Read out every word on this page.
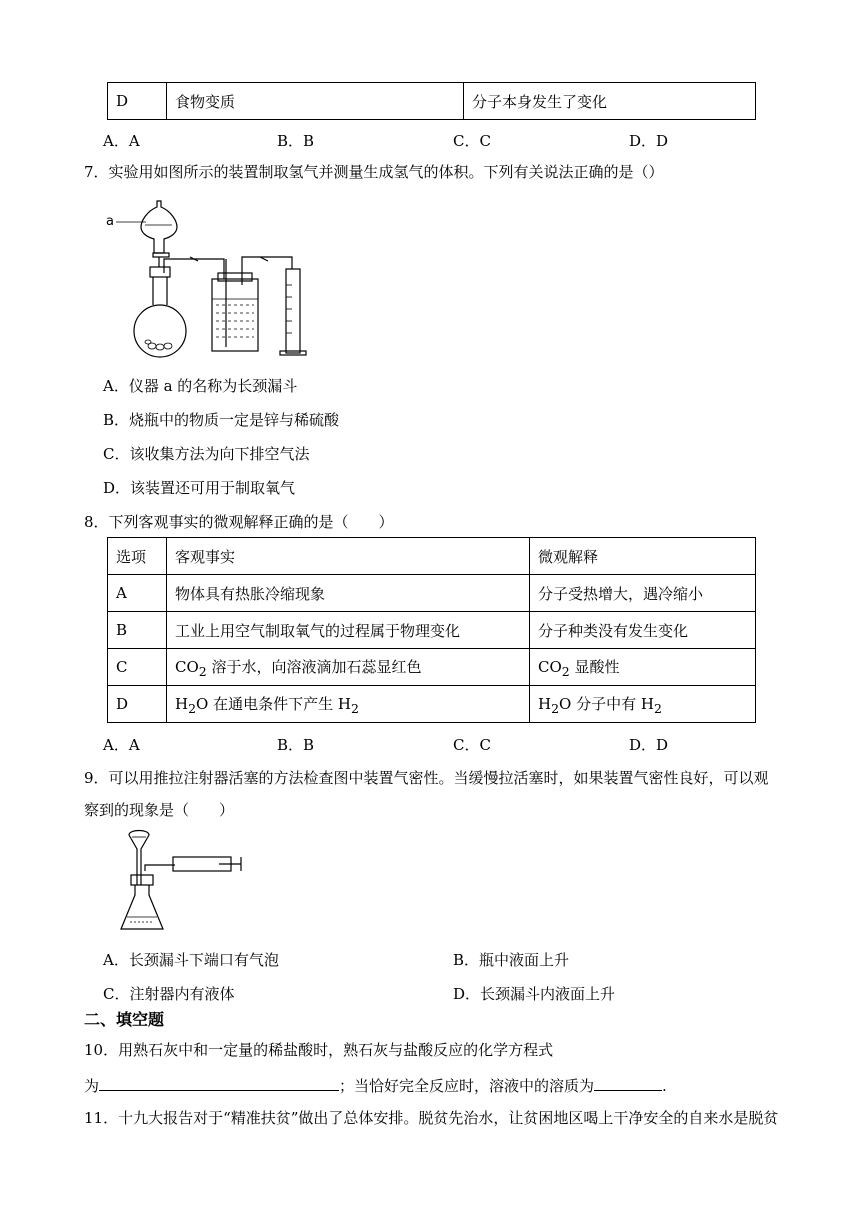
D	食物变质	分子本身发生了变化
A．A	B．B	C．C	D．D
7．实验用如图所示的装置制取氢气并测量生成氢气的体积。下列有关说法正确的是（）
a
A．仪器 a 的名称为长颈漏斗
B．烧瓶中的物质一定是锌与稀硫酸
C．该收集方法为向下排空气法
D．该装置还可用于制取氧气
8．下列客观事实的微观解释正确的是（　　）
选项	客观事实	微观解释
A	物体具有热胀冷缩现象	分子受热增大，遇冷缩小
B	工业上用空气制取氧气的过程属于物理变化	分子种类没有发生变化
C	$CO_2$ 溶于水，向溶液滴加石蕊显红色	$CO_2$ 显酸性
D	$H_2O$ 在通电条件下产生 $H_2$	$H_2O$ 分子中有 $H_2$
A．A	B．B	C．C	D．D
9．可以用推拉注射器活塞的方法检查图中装置气密性。当缓慢拉活塞时，如果装置气密性良好，可以观
察到的现象是（　　）
A．长颈漏斗下端口有气泡	B．瓶中液面上升
C．注射器内有液体	D．长颈漏斗内液面上升
二、填空题
10．用熟石灰中和一定量的稀盐酸时，熟石灰与盐酸反应的化学方程式
为	；当恰好完全反应时，溶液中的溶质为	.
11．十九大报告对于“精准扶贫”做出了总体安排。脱贫先治水，让贫困地区喝上干净安全的自来水是脱贫
